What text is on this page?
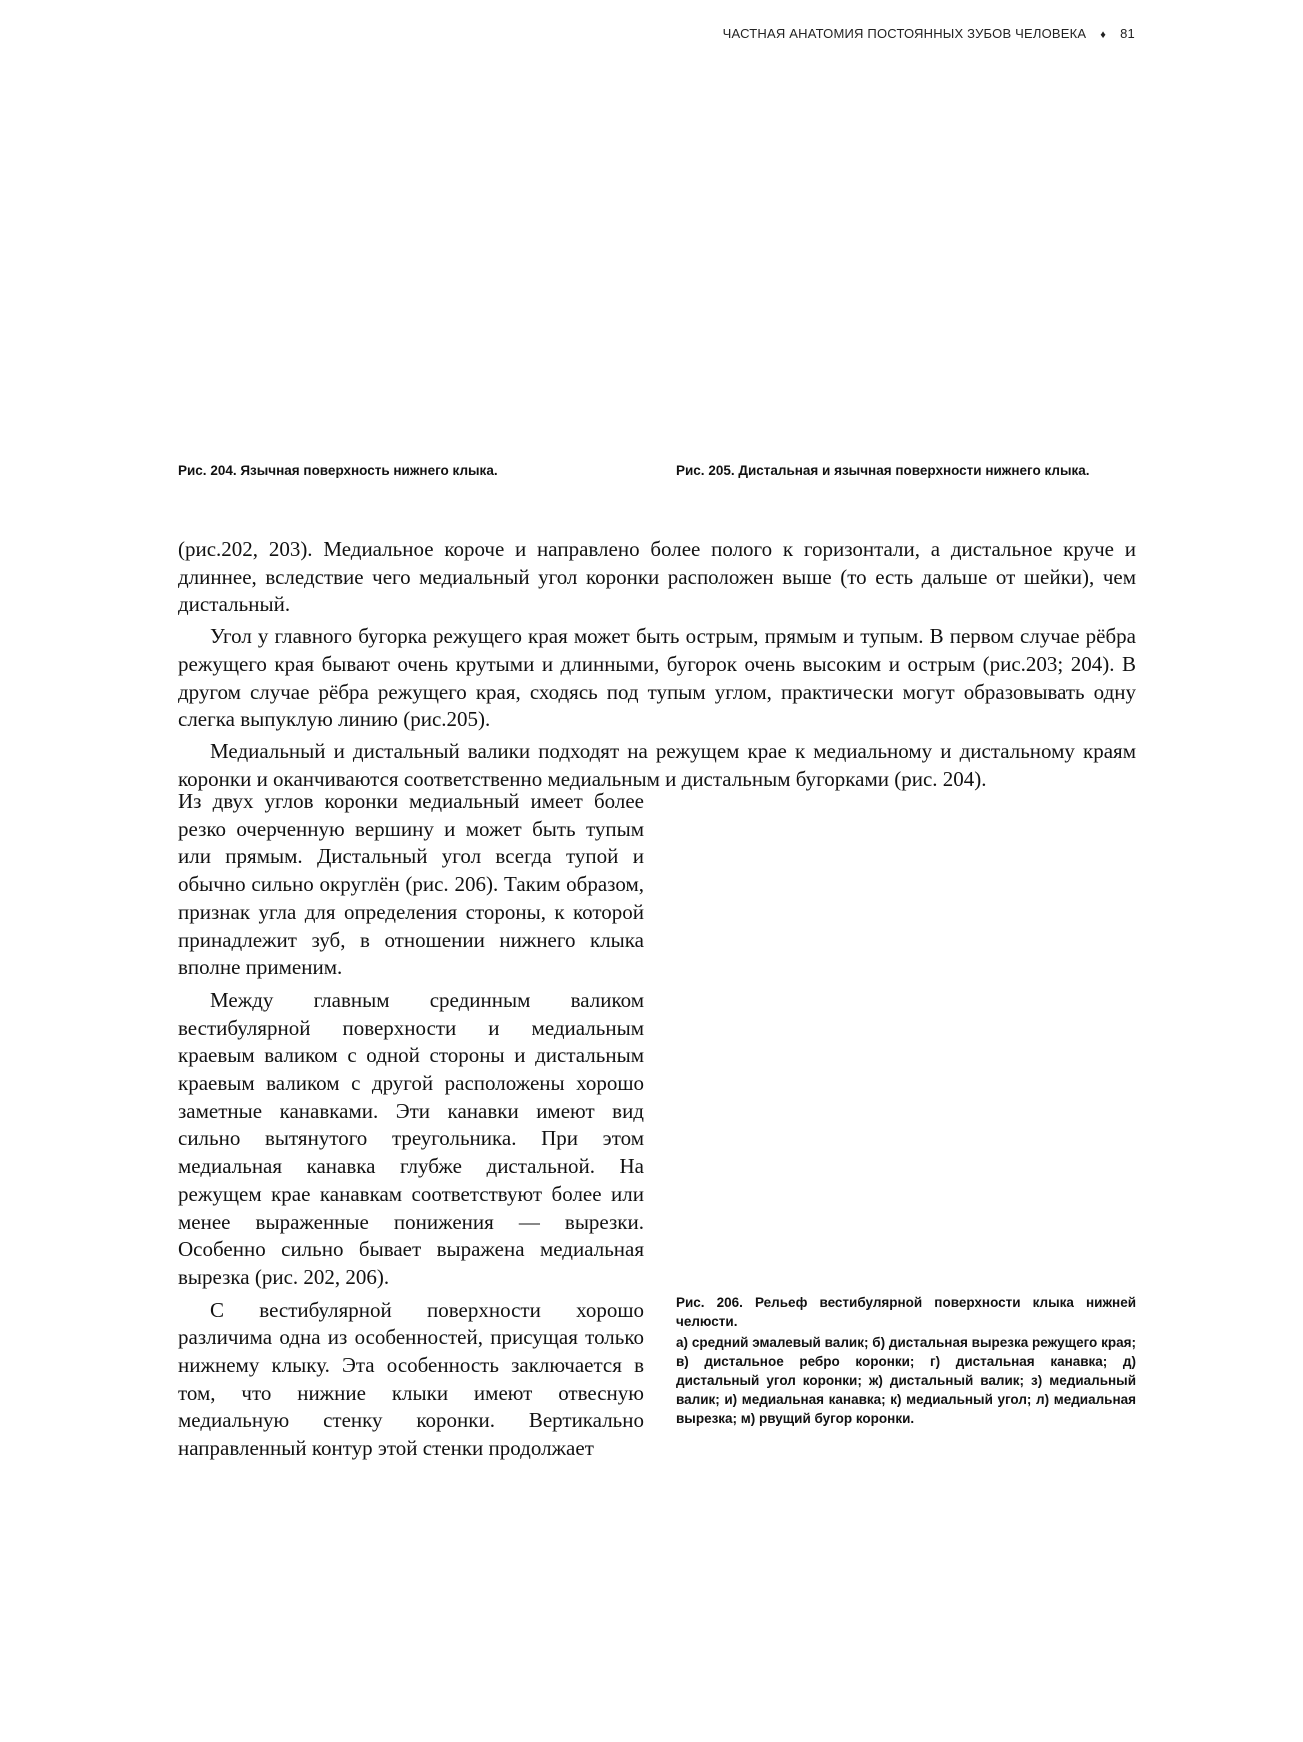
ЧАСТНАЯ АНАТОМИЯ ПОСТОЯННЫХ ЗУБОВ ЧЕЛОВЕКА ♦ 81
Рис. 204. Язычная поверхность нижнего клыка.	Рис. 205. Дистальная и язычная поверхности нижнего клыка.

(рис.202, 203). Медиальное короче и направлено более полого к горизонтали, а дистальное круче и длиннее, вследствие чего медиальный угол коронки расположен выше (то есть дальше от шейки), чем дистальный.

Угол у главного бугорка режущего края может быть острым, прямым и тупым. В первом случае рёбра режущего края бывают очень крутыми и длинными, бугорок очень высоким и острым (рис.203; 204). В другом случае рёбра режущего края, сходясь под тупым углом, практически могут образовывать одну слегка выпуклую линию (рис.205).

Медиальный и дистальный валики подходят на режущем крае к медиальному и дистальному краям коронки и оканчиваются соответственно медиальным и дистальным бугорками (рис. 204).

Из двух углов коронки медиальный имеет более резко очерченную вершину и может быть тупым или прямым. Дистальный угол всегда тупой и обычно сильно округлён (рис. 206). Таким образом, признак угла для определения стороны, к которой принадлежит зуб, в отношении нижнего клыка вполне применим.

Между главным срединным валиком вестибулярной поверхности и медиальным краевым валиком с одной стороны и дистальным краевым валиком с другой расположены хорошо заметные канавками. Эти канавки имеют вид сильно вытянутого треугольника. При этом медиальная канавка глубже дистальной. На режущем крае канавкам соответствуют более или менее выраженные понижения — вырезки. Особенно сильно бывает выражена медиальная вырезка (рис. 202, 206).

С вестибулярной поверхности хорошо различима одна из особенностей, присущая только нижнему клыку. Эта особенность заключается в том, что нижние клыки имеют отвесную медиальную стенку коронки. Вертикально направленный контур этой стенки продолжает

Рис. 206. Рельеф вестибулярной поверхности клыка нижней челюсти.
а) средний эмалевый валик; б) дистальная вырезка режущего края; в) дистальное ребро коронки; г) дистальная канавка; д) дистальный угол коронки; ж) дистальный валик; з) медиальный валик; и) медиальная канавка; к) медиальный угол; л) медиальная вырезка; м) рвущий бугор коронки.
